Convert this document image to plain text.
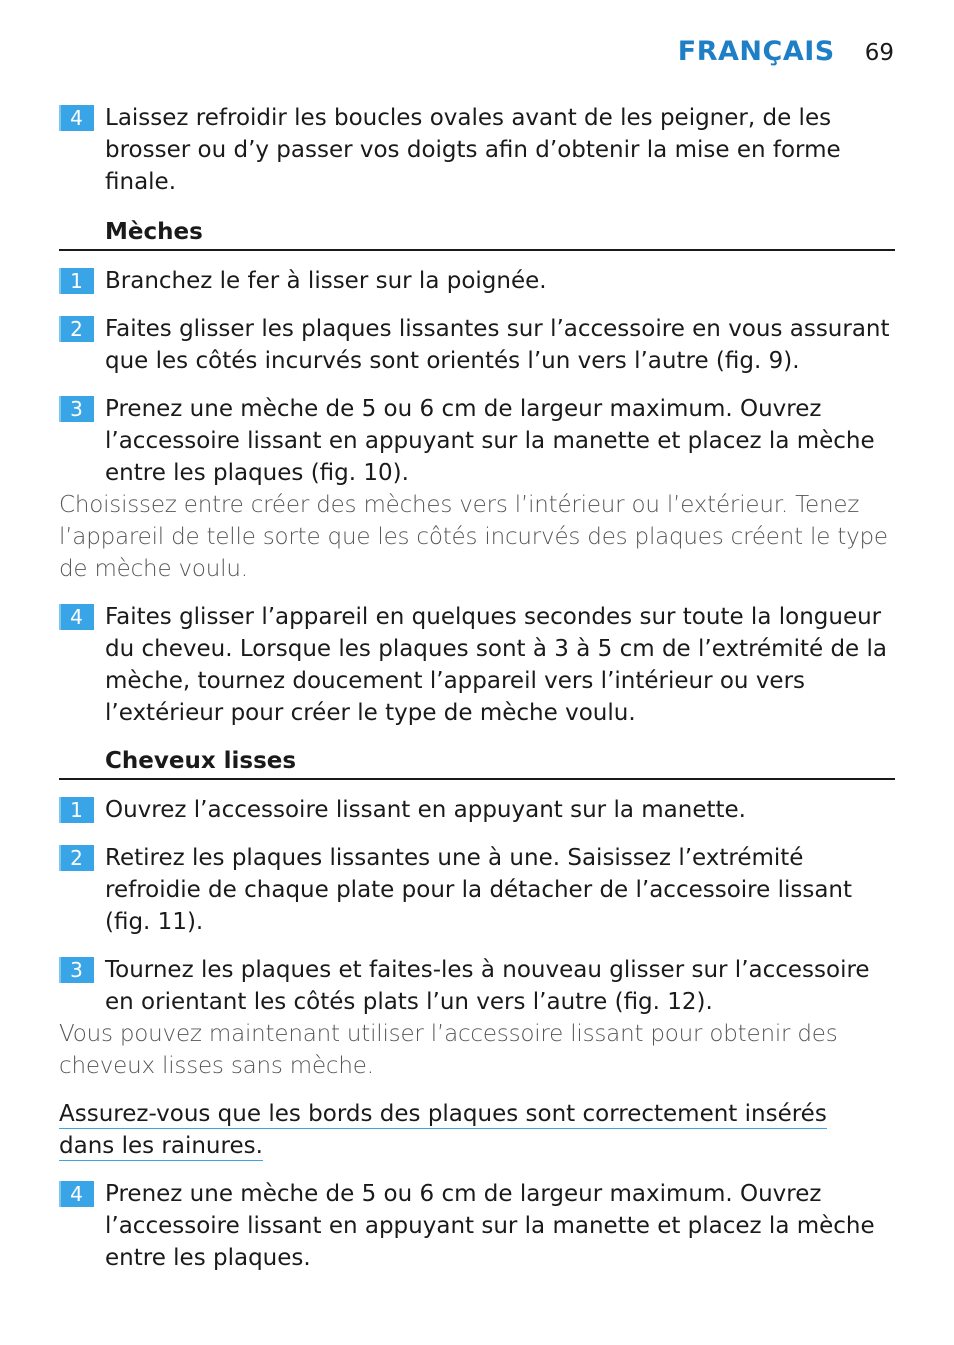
FRANÇAIS 69
4 Laissez refroidir les boucles ovales avant de les peigner, de les brosser ou d’y passer vos doigts afin d’obtenir la mise en forme finale.
Mèches
1 Branchez le fer à lisser sur la poignée.
2 Faites glisser les plaques lissantes sur l’accessoire en vous assurant que les côtés incurvés sont orientés l’un vers l’autre (fig. 9).
3 Prenez une mèche de 5 ou 6 cm de largeur maximum. Ouvrez l’accessoire lissant en appuyant sur la manette et placez la mèche entre les plaques (fig. 10).
Choisissez entre créer des mèches vers l’intérieur ou l’extérieur. Tenez l’appareil de telle sorte que les côtés incurvés des plaques créent le type de mèche voulu.
4 Faites glisser l’appareil en quelques secondes sur toute la longueur du cheveu. Lorsque les plaques sont à 3 à 5 cm de l’extrémité de la mèche, tournez doucement l’appareil vers l’intérieur ou vers l’extérieur pour créer le type de mèche voulu.
Cheveux lisses
1 Ouvrez l’accessoire lissant en appuyant sur la manette.
2 Retirez les plaques lissantes une à une. Saisissez l’extrémité refroidie de chaque plate pour la détacher de l’accessoire lissant (fig. 11).
3 Tournez les plaques et faites-les à nouveau glisser sur l’accessoire en orientant les côtés plats l’un vers l’autre (fig. 12).
Vous pouvez maintenant utiliser l’accessoire lissant pour obtenir des cheveux lisses sans mèche.
Assurez-vous que les bords des plaques sont correctement insérés dans les rainures.
4 Prenez une mèche de 5 ou 6 cm de largeur maximum. Ouvrez l’accessoire lissant en appuyant sur la manette et placez la mèche entre les plaques.
